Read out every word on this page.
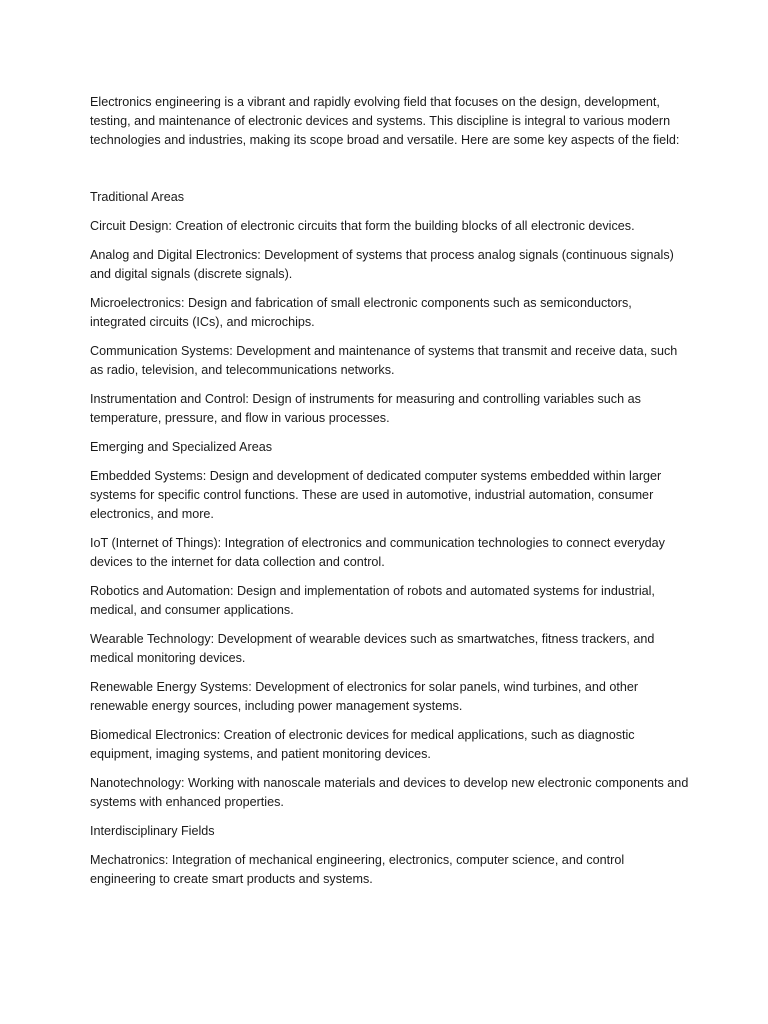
Electronics engineering is a vibrant and rapidly evolving field that focuses on the design, development, testing, and maintenance of electronic devices and systems. This discipline is integral to various modern technologies and industries, making its scope broad and versatile. Here are some key aspects of the field:

Traditional Areas

Circuit Design: Creation of electronic circuits that form the building blocks of all electronic devices.

Analog and Digital Electronics: Development of systems that process analog signals (continuous signals) and digital signals (discrete signals).

Microelectronics: Design and fabrication of small electronic components such as semiconductors, integrated circuits (ICs), and microchips.

Communication Systems: Development and maintenance of systems that transmit and receive data, such as radio, television, and telecommunications networks.

Instrumentation and Control: Design of instruments for measuring and controlling variables such as temperature, pressure, and flow in various processes.

Emerging and Specialized Areas

Embedded Systems: Design and development of dedicated computer systems embedded within larger systems for specific control functions. These are used in automotive, industrial automation, consumer electronics, and more.

IoT (Internet of Things): Integration of electronics and communication technologies to connect everyday devices to the internet for data collection and control.

Robotics and Automation: Design and implementation of robots and automated systems for industrial, medical, and consumer applications.

Wearable Technology: Development of wearable devices such as smartwatches, fitness trackers, and medical monitoring devices.

Renewable Energy Systems: Development of electronics for solar panels, wind turbines, and other renewable energy sources, including power management systems.

Biomedical Electronics: Creation of electronic devices for medical applications, such as diagnostic equipment, imaging systems, and patient monitoring devices.

Nanotechnology: Working with nanoscale materials and devices to develop new electronic components and systems with enhanced properties.

Interdisciplinary Fields

Mechatronics: Integration of mechanical engineering, electronics, computer science, and control engineering to create smart products and systems.
